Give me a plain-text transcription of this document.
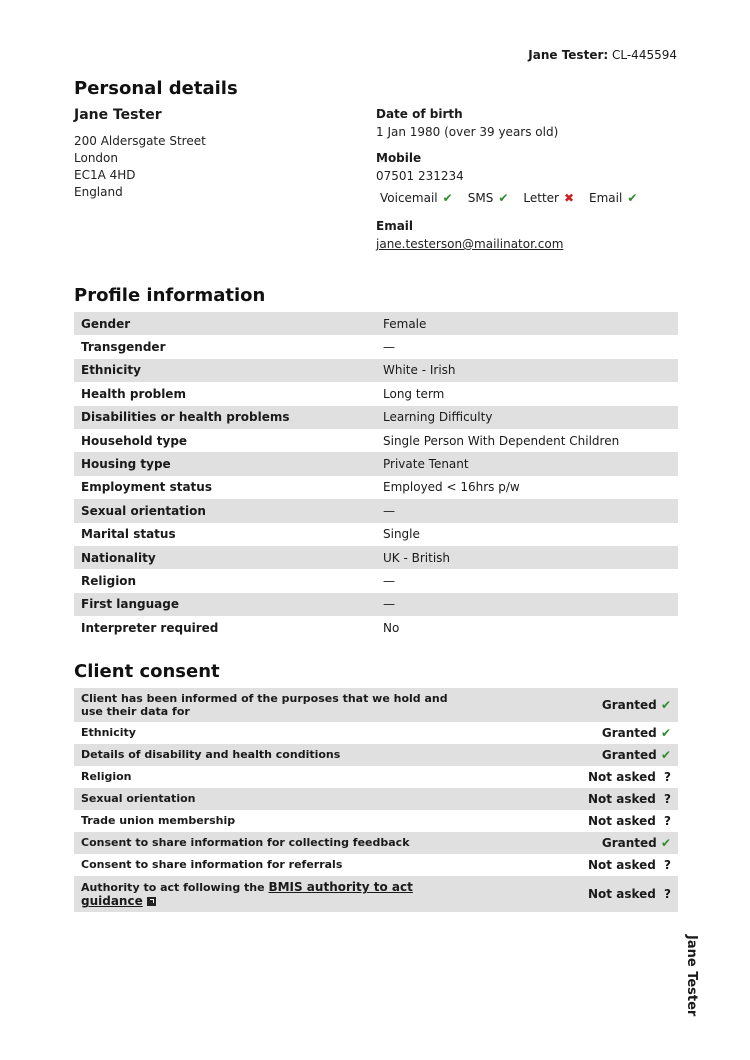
Jane Tester: CL-445594
Personal details
Jane Tester
200 Aldersgate Street
London
EC1A 4HD
England
Date of birth
1 Jan 1980 (over 39 years old)
Mobile
07501 231234
Voicemail ✔ SMS ✔ Letter ✖ Email ✔
Email
jane.testerson@mailinator.com
Profile information
Gender	Female
Transgender	—
Ethnicity	White - Irish
Health problem	Long term
Disabilities or health problems	Learning Difficulty
Household type	Single Person With Dependent Children
Housing type	Private Tenant
Employment status	Employed < 16hrs p/w
Sexual orientation	—
Marital status	Single
Nationality	UK - British
Religion	—
First language	—
Interpreter required	No
Client consent
Client has been informed of the purposes that we hold and use their data for	Granted ✔
Ethnicity	Granted ✔
Details of disability and health conditions	Granted ✔
Religion	Not asked ?
Sexual orientation	Not asked ?
Trade union membership	Not asked ?
Consent to share information for collecting feedback	Granted ✔
Consent to share information for referrals	Not asked ?
Authority to act following the BMIS authority to act guidance	Not asked ?
Jane Tester
